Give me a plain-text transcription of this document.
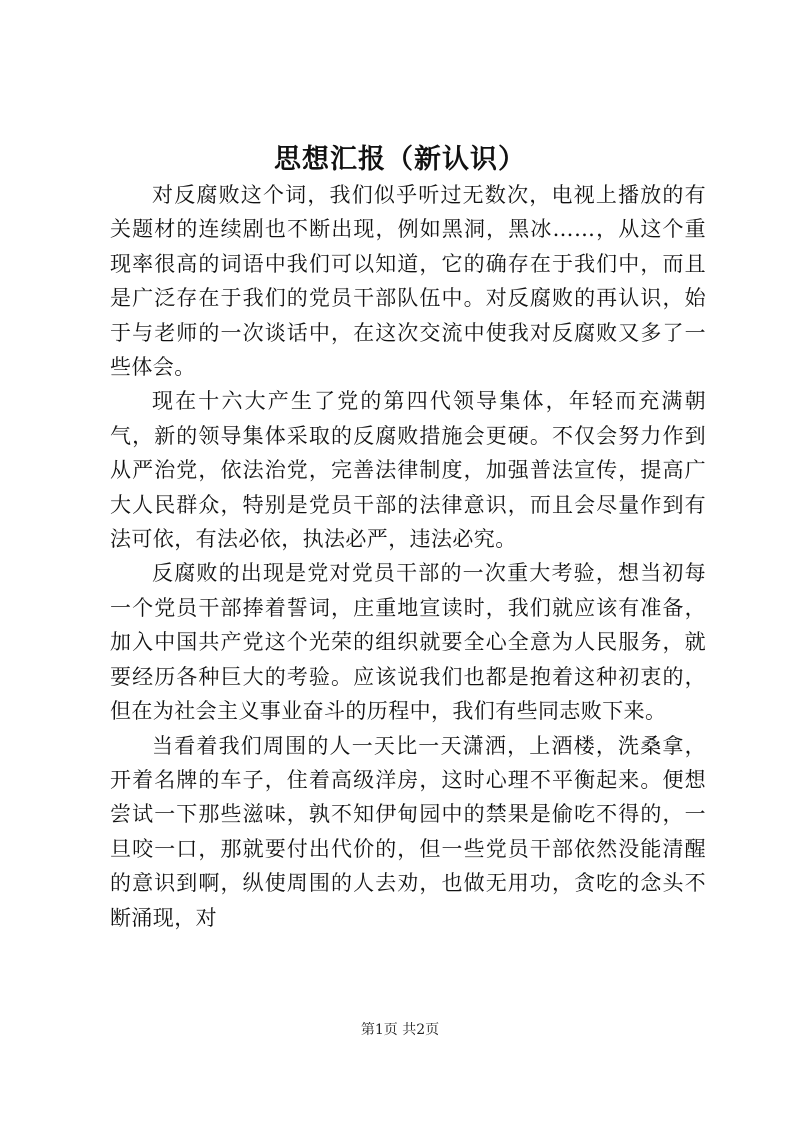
思想汇报（新认识）

对反腐败这个词，我们似乎听过无数次，电视上播放的有关题材的连续剧也不断出现，例如黑洞，黑冰……，从这个重现率很高的词语中我们可以知道，它的确存在于我们中，而且是广泛存在于我们的党员干部队伍中。对反腐败的再认识，始于与老师的一次谈话中，在这次交流中使我对反腐败又多了一些体会。

现在十六大产生了党的第四代领导集体，年轻而充满朝气，新的领导集体采取的反腐败措施会更硬。不仅会努力作到从严治党，依法治党，完善法律制度，加强普法宣传，提高广大人民群众，特别是党员干部的法律意识，而且会尽量作到有法可依，有法必依，执法必严，违法必究。

反腐败的出现是党对党员干部的一次重大考验，想当初每一个党员干部捧着誓词，庄重地宣读时，我们就应该有准备，加入中国共产党这个光荣的组织就要全心全意为人民服务，就要经历各种巨大的考验。应该说我们也都是抱着这种初衷的，但在为社会主义事业奋斗的历程中，我们有些同志败下来。

当看着我们周围的人一天比一天潇洒，上酒楼，洗桑拿，开着名牌的车子，住着高级洋房，这时心理不平衡起来。便想尝试一下那些滋味，孰不知伊甸园中的禁果是偷吃不得的，一旦咬一口，那就要付出代价的，但一些党员干部依然没能清醒的意识到啊，纵使周围的人去劝，也做无用功，贪吃的念头不断涌现，对

第1页 共2页
